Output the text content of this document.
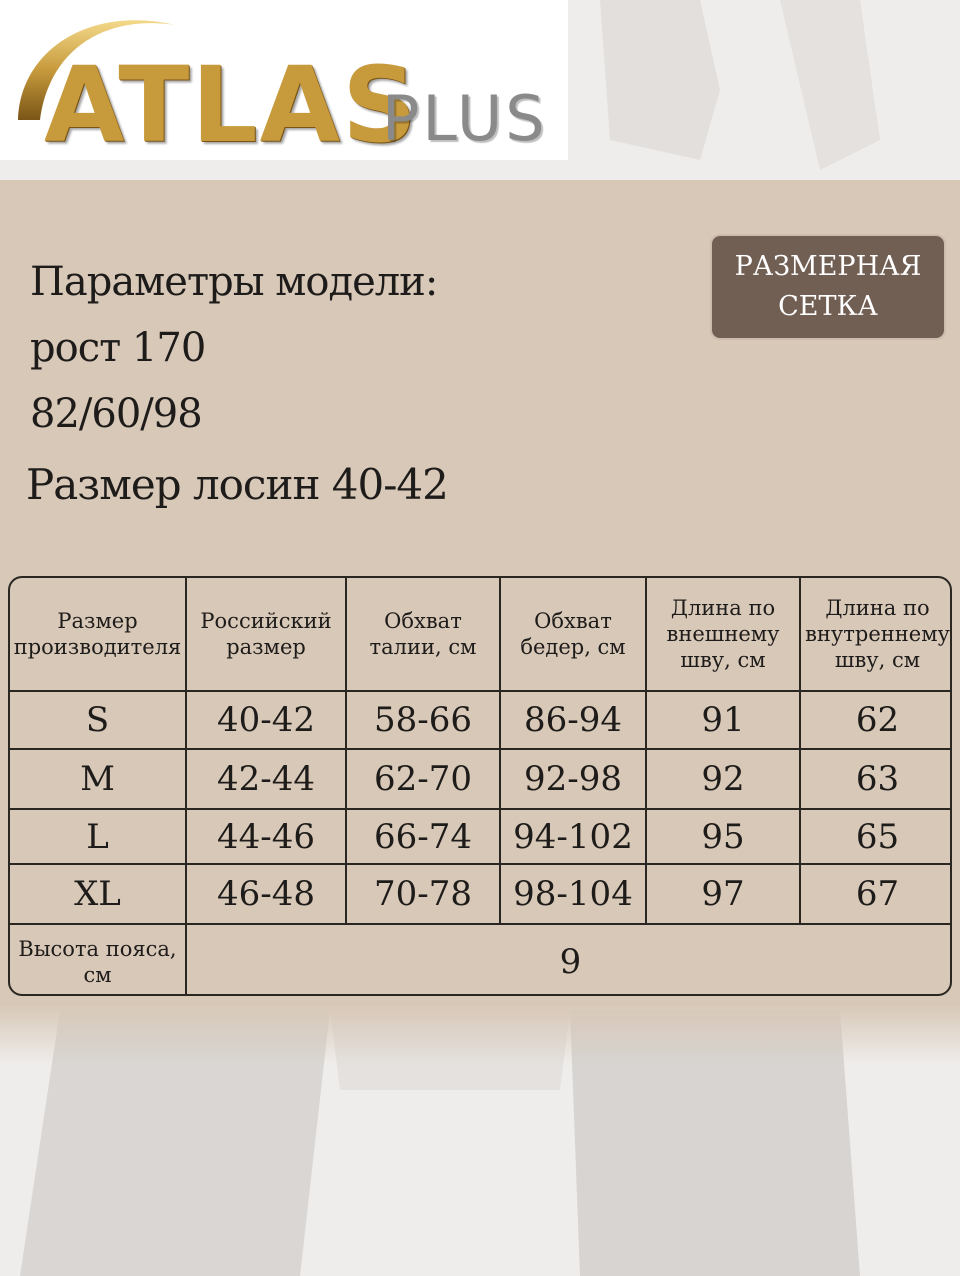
ATLAS
PLUS
Параметры модели:
рост 170
82/60/98
Размер лосин 40-42
РАЗМЕРНАЯ
СЕТКА
Размер производителя	Российский размер	Обхват талии, см	Обхват бедер, см	Длина по внешнему шву, см	Длина по внутреннему шву, см
S	40-42	58-66	86-94	91	62
M	42-44	62-70	92-98	92	63
L	44-46	66-74	94-102	95	65
XL	46-48	70-78	98-104	97	67
Высота пояса, см	9				
